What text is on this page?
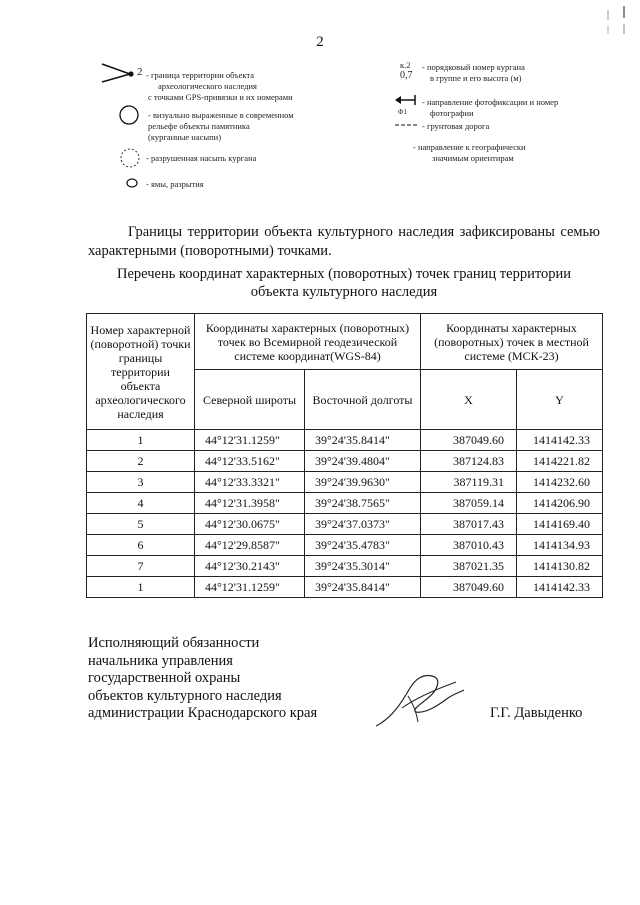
2
2 - граница территории объекта
археологического наследия
с точками GPS-привязки и их номерами
- визуально выраженные в современном
рельефе объекты памятника
(курганные насыпи)
- разрушенная насыпь кургана
- ямы, разрытия
к.2
0,7
- порядковый номер кургана
в группе и его высота (м)
Ф1
- направление фотофиксации и номер
фотографии
- грунтовая дорога
- направление к географически
значимым ориентирам
Границы территории объекта культурного наследия зафиксированы семью характерными (поворотными) точками.
Перечень координат характерных (поворотных) точек границ территории
объекта культурного наследия
Номер характерной (поворотной) точки границы территории объекта археологического наследия	Координаты характерных (поворотных) точек во Всемирной геодезической системе координат(WGS-84)		Координаты характерных (поворотных) точек в местной системе (МСК-23)	
	Северной широты	Восточной долготы	X	Y
1	44°12'31.1259"	39°24'35.8414"	387049.60	1414142.33
2	44°12'33.5162"	39°24'39.4804"	387124.83	1414221.82
3	44°12'33.3321"	39°24'39.9630"	387119.31	1414232.60
4	44°12'31.3958"	39°24'38.7565"	387059.14	1414206.90
5	44°12'30.0675"	39°24'37.0373"	387017.43	1414169.40
6	44°12'29.8587"	39°24'35.4783"	387010.43	1414134.93
7	44°12'30.2143"	39°24'35.3014"	387021.35	1414130.82
1	44°12'31.1259"	39°24'35.8414"	387049.60	1414142.33
Исполняющий обязанности
начальника управления
государственной охраны
объектов культурного наследия
администрации Краснодарского края	Г.Г. Давыденко
